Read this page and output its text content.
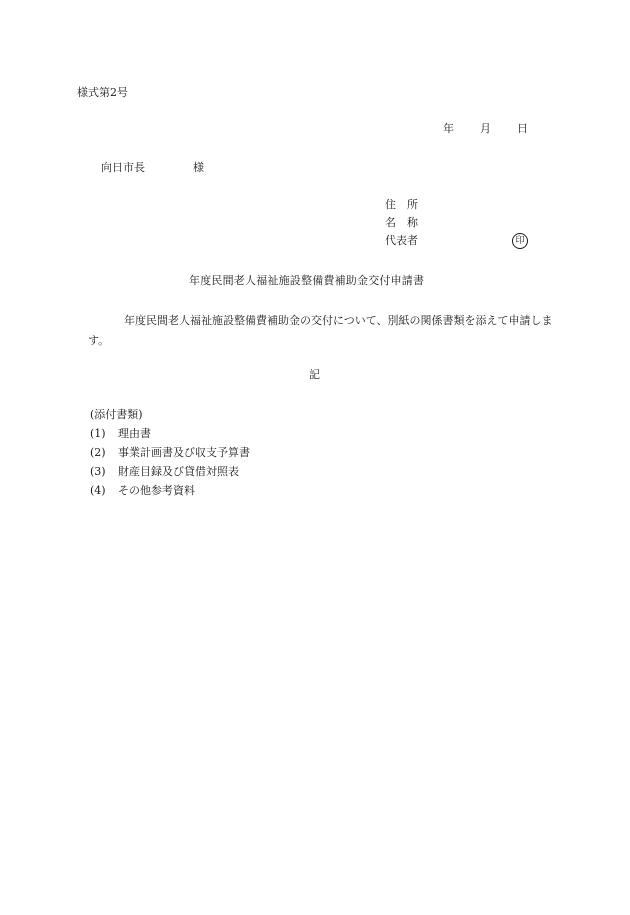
様式第2号
年 月 日
向日市長	様
住　所
名　称
代表者	印
年度民間老人福祉施設整備費補助金交付申請書
年度民間老人福祉施設整備費補助金の交付について、別紙の関係書類を添えて申請します。
記
(添付書類)
(1) 理由書
(2) 事業計画書及び収支予算書
(3) 財産目録及び貸借対照表
(4) その他参考資料
